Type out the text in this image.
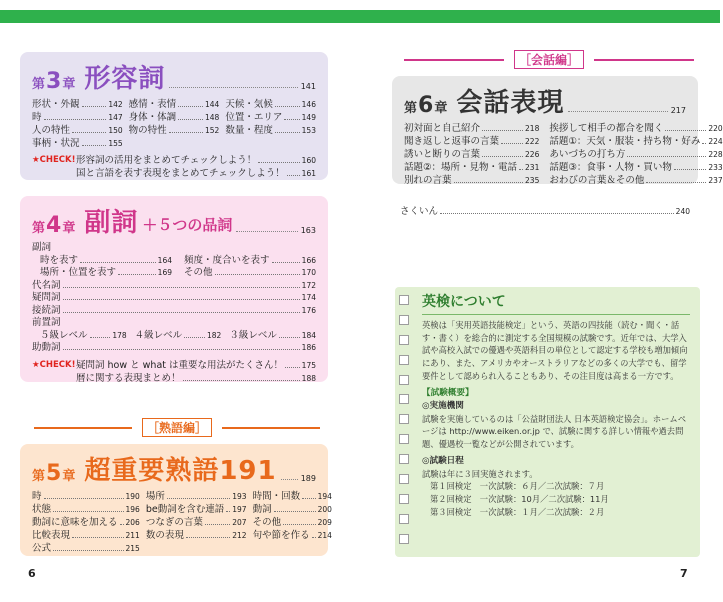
第3章 形容詞	141
形状・外観	142 感情・表情	144 天候・気候	146
時	147 身体・体調	148 位置・エリア	149
人の特性	150 物の特性	152 数量・程度	153
事柄・状況	155
★CHECK! 形容詞の活用をまとめてチェックしよう！	160
国と言語を表す表現をまとめてチェックしよう！ 161
第4章 副詞 ＋５つの品詞	163
副詞
時を表す	164 頻度・度合いを表す	166
場所・位置を表す	169 その他	170
代名詞	172
疑問詞	174
接続詞	176
前置詞
５級レベル	178 ４級レベル	182 ３級レベル	184
助動詞	186
★CHECK! 疑問詞 how と what は重要な用法がたくさん！ 175
暦に関する表現まとめ！	188
［熟語編］
第5章 超重要熟語191	189
時	190 場所	193 時間・回数 194
状態	196 be動詞を含む連語 197 動詞	200
動詞に意味を加える 206 つなぎの言葉	207 その他	209
比較表現	211 数の表現	212 句や節を作る 214
公式	215
［会話編］
第6章 会話表現	217
初対面と自己紹介	218 挨拶して相手の都合を聞く	220
聞き返しと返事の言葉	222 話題①：天気・服装・持ち物・好み 224
誘いと断りの言葉	226 あいづちの打ち方	228
話題②：場所・見物・電話 231 話題③：食事・人物・買い物	233
別れの言葉	235 おわびの言葉＆その他	237
さくいん	240
英検について

英検は「実用英語技能検定」という、英語の四技能（読む・聞く・話す・書く）を総合的に測定する全国規模の試験です。近年では、大学入試や高校入試での優遇や英語科目の単位として認定する学校も増加傾向にあり、また、アメリカやオーストラリアなどの多くの大学でも、留学要件として認められ入ることもあり、その注目度は高まる一方です。

【試験概要】
◎実施機関

試験を実施しているのは「公益財団法人 日本英語検定協会」。ホームページは http://www.eiken.or.jp で、試験に関する詳しい情報や過去問題、優遇校一覧などが公開されています。

◎試験日程

試験は年に３回実施されます。

第１回検定　一次試験：６月／二次試験：７月

第２回検定　一次試験：10月／二次試験：11月

第３回検定　一次試験：１月／二次試験：２月

6	7
